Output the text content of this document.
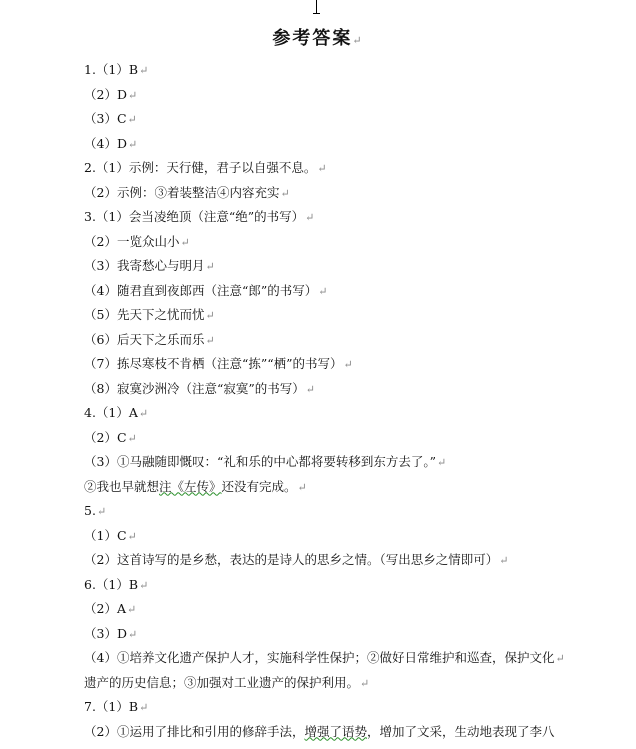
参考答案↵
1.（1）B↵
（2）D↵
（3）C↵
（4）D↵
2.（1）示例：天行健，君子以自强不息。↵
（2）示例：③着装整洁④内容充实↵
3.（1）会当凌绝顶（注意“绝”的书写）↵
（2）一览众山小↵
（3）我寄愁心与明月↵
（4）随君直到夜郎西（注意“郎”的书写）↵
（5）先天下之忧而忧↵
（6）后天下之乐而乐↵
（7）拣尽寒枝不肯栖（注意“拣”“栖”的书写）↵
（8）寂寞沙洲冷（注意“寂寞”的书写）↵
4.（1）A↵
（2）C↵
（3）①马融随即慨叹：“礼和乐的中心都将要转移到东方去了。”↵
②我也早就想注《左传》还没有完成。↵
5.↵
（1）C↵
（2）这首诗写的是乡愁，表达的是诗人的思乡之情。（写出思乡之情即可）↵
6.（1）B↵
（2）A↵
（3）D↵
（4）①培养文化遗产保护人才，实施科学性保护；②做好日常维护和巡查，保护文化↵
遗产的历史信息；③加强对工业遗产的保护利用。↵
7.（1）B↵
（2）①运用了排比和引用的修辞手法，增强了语势，增加了文采，生动地表现了李八
